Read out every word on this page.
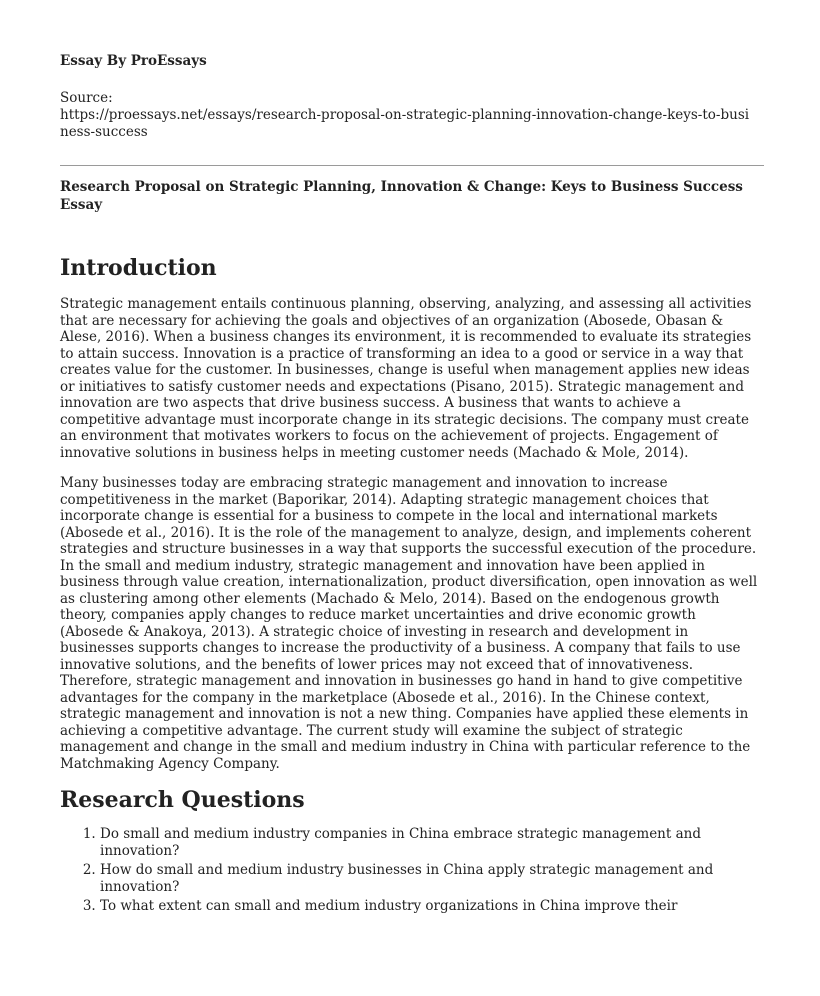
Essay By ProEssays
Source:
https://proessays.net/essays/research-proposal-on-strategic-planning-innovation-change-keys-to-business-success
Research Proposal on Strategic Planning, Innovation & Change: Keys to Business Success Essay
Introduction

Strategic management entails continuous planning, observing, analyzing, and assessing all activities that are necessary for achieving the goals and objectives of an organization (Abosede, Obasan & Alese, 2016). When a business changes its environment, it is recommended to evaluate its strategies to attain success. Innovation is a practice of transforming an idea to a good or service in a way that creates value for the customer. In businesses, change is useful when management applies new ideas or initiatives to satisfy customer needs and expectations (Pisano, 2015). Strategic management and innovation are two aspects that drive business success. A business that wants to achieve a competitive advantage must incorporate change in its strategic decisions. The company must create an environment that motivates workers to focus on the achievement of projects. Engagement of innovative solutions in business helps in meeting customer needs (Machado & Mole, 2014).

Many businesses today are embracing strategic management and innovation to increase competitiveness in the market (Baporikar, 2014). Adapting strategic management choices that incorporate change is essential for a business to compete in the local and international markets (Abosede et al., 2016). It is the role of the management to analyze, design, and implements coherent strategies and structure businesses in a way that supports the successful execution of the procedure. In the small and medium industry, strategic management and innovation have been applied in business through value creation, internationalization, product diversification, open innovation as well as clustering among other elements (Machado & Melo, 2014). Based on the endogenous growth theory, companies apply changes to reduce market uncertainties and drive economic growth (Abosede & Anakoya, 2013). A strategic choice of investing in research and development in businesses supports changes to increase the productivity of a business. A company that fails to use innovative solutions, and the benefits of lower prices may not exceed that of innovativeness. Therefore, strategic management and innovation in businesses go hand in hand to give competitive advantages for the company in the marketplace (Abosede et al., 2016). In the Chinese context, strategic management and innovation is not a new thing. Companies have applied these elements in achieving a competitive advantage. The current study will examine the subject of strategic management and change in the small and medium industry in China with particular reference to the Matchmaking Agency Company.

Research Questions
1. Do small and medium industry companies in China embrace strategic management and innovation?
2. How do small and medium industry businesses in China apply strategic management and innovation?
3. To what extent can small and medium industry organizations in China improve their
